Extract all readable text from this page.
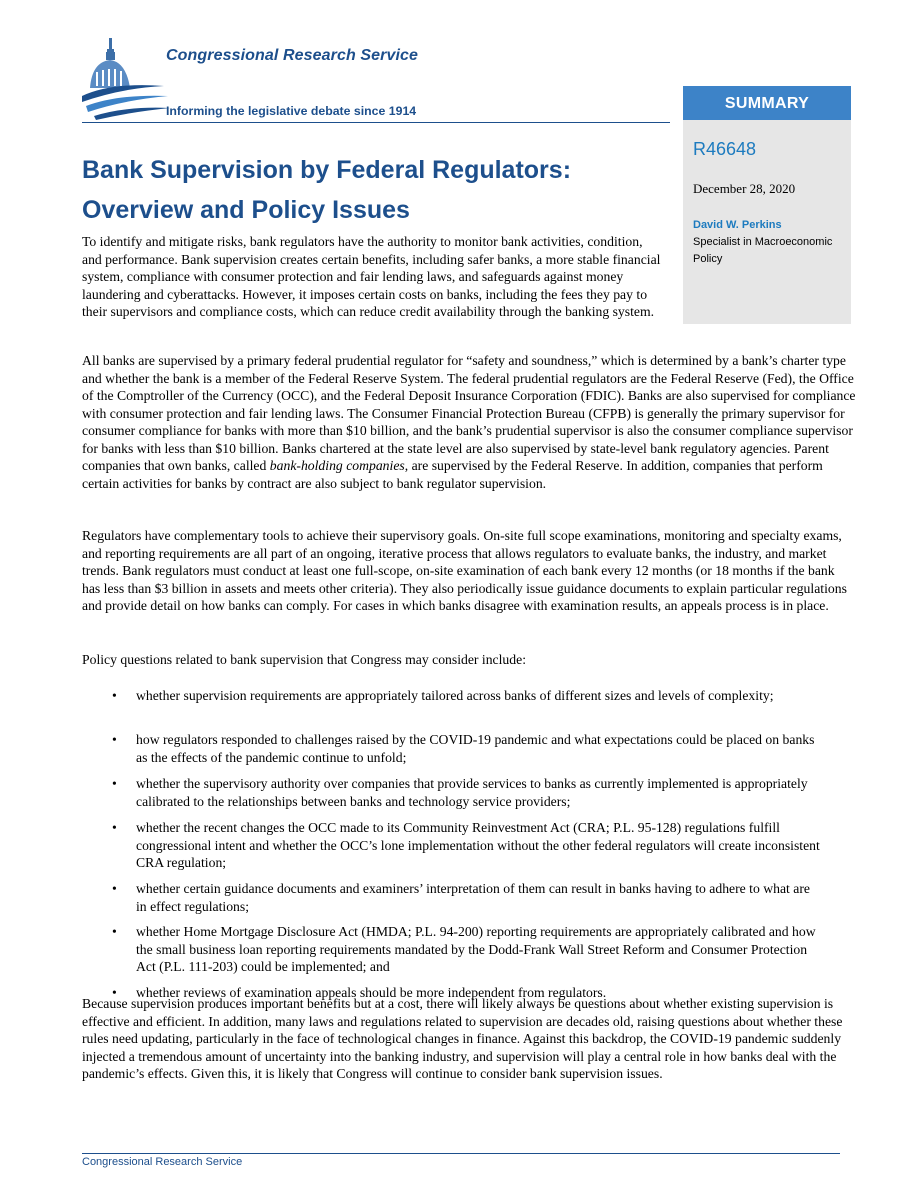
Congressional Research Service
Informing the legislative debate since 1914	SUMMARY
R46648
December 28, 2020
David W. Perkins
Specialist in Macroeconomic Policy
Bank Supervision by Federal Regulators: Overview and Policy Issues

To identify and mitigate risks, bank regulators have the authority to monitor bank activities, condition, and performance. Bank supervision creates certain benefits, including safer banks, a more stable financial system, compliance with consumer protection and fair lending laws, and safeguards against money laundering and cyberattacks. However, it imposes certain costs on banks, including the fees they pay to their supervisors and compliance costs, which can reduce credit availability through the banking system.

All banks are supervised by a primary federal prudential regulator for “safety and soundness,” which is determined by a bank’s charter type and whether the bank is a member of the Federal Reserve System. The federal prudential regulators are the Federal Reserve (Fed), the Office of the Comptroller of the Currency (OCC), and the Federal Deposit Insurance Corporation (FDIC). Banks are also supervised for compliance with consumer protection and fair lending laws. The Consumer Financial Protection Bureau (CFPB) is generally the primary supervisor for consumer compliance for banks with more than $10 billion, and the bank’s prudential supervisor is also the consumer compliance supervisor for banks with less than $10 billion. Banks chartered at the state level are also supervised by state-level bank regulatory agencies. Parent companies that own banks, called bank-holding companies, are supervised by the Federal Reserve. In addition, companies that perform certain activities for banks by contract are also subject to bank regulator supervision.

Regulators have complementary tools to achieve their supervisory goals. On-site full scope examinations, monitoring and specialty exams, and reporting requirements are all part of an ongoing, iterative process that allows regulators to evaluate banks, the industry, and market trends. Bank regulators must conduct at least one full-scope, on-site examination of each bank every 12 months (or 18 months if the bank has less than $3 billion in assets and meets other criteria). They also periodically issue guidance documents to explain particular regulations and provide detail on how banks can comply. For cases in which banks disagree with examination results, an appeals process is in place.

Policy questions related to bank supervision that Congress may consider include:

• whether supervision requirements are appropriately tailored across banks of different sizes and levels of complexity;
• how regulators responded to challenges raised by the COVID-19 pandemic and what expectations could be placed on banks as the effects of the pandemic continue to unfold;
• whether the supervisory authority over companies that provide services to banks as currently implemented is appropriately calibrated to the relationships between banks and technology service providers;
• whether the recent changes the OCC made to its Community Reinvestment Act (CRA; P.L. 95-128) regulations fulfill congressional intent and whether the OCC’s lone implementation without the other federal regulators will create inconsistent CRA regulation;
• whether certain guidance documents and examiners’ interpretation of them can result in banks having to adhere to what are in effect regulations;
• whether Home Mortgage Disclosure Act (HMDA; P.L. 94-200) reporting requirements are appropriately calibrated and how the small business loan reporting requirements mandated by the Dodd-Frank Wall Street Reform and Consumer Protection Act (P.L. 111-203) could be implemented; and
• whether reviews of examination appeals should be more independent from regulators.

Because supervision produces important benefits but at a cost, there will likely always be questions about whether existing supervision is effective and efficient. In addition, many laws and regulations related to supervision are decades old, raising questions about whether these rules need updating, particularly in the face of technological changes in finance. Against this backdrop, the COVID-19 pandemic suddenly injected a tremendous amount of uncertainty into the banking industry, and supervision will play a central role in how banks deal with the pandemic’s effects. Given this, it is likely that Congress will continue to consider bank supervision issues.

Congressional Research Service
